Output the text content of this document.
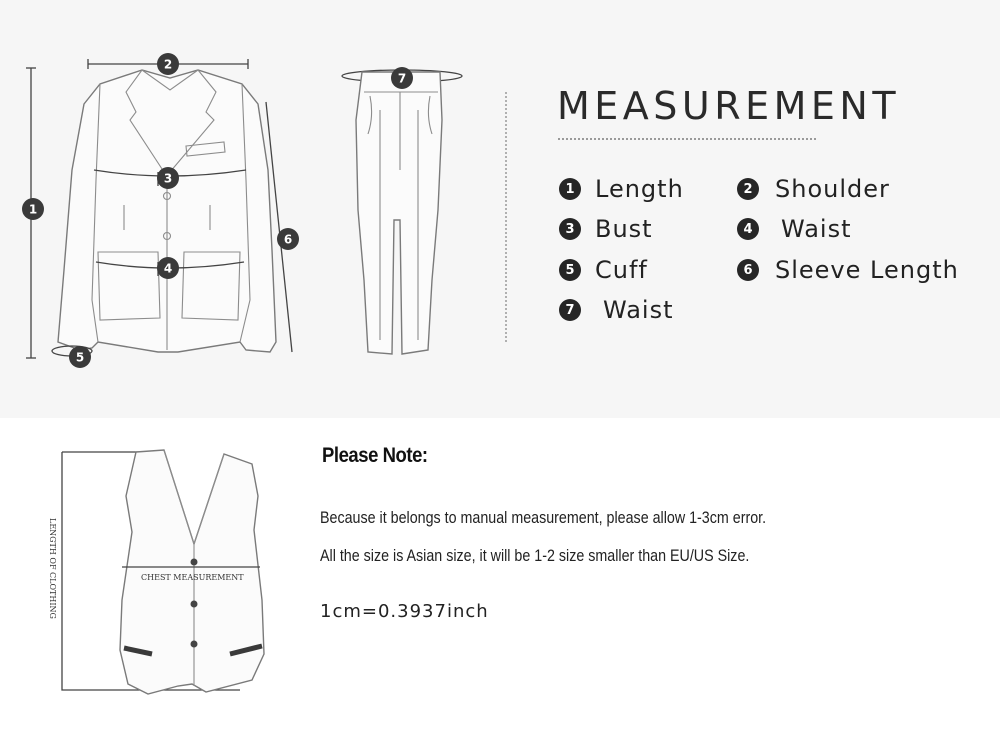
1
2
3
4
5
6
7
MEASUREMENT
1 Length	2 Shoulder
3 Bust	4 Waist
5 Cuff	6 Sleeve Length
7 Waist
CHEST MEASUREMENT
LENGTH OF CLOTHING
Please Note:
Because it belongs to manual measurement, please allow 1-3cm error.
All the size is Asian size, it will be 1-2 size smaller than EU/US Size.
1cm=0.3937inch
